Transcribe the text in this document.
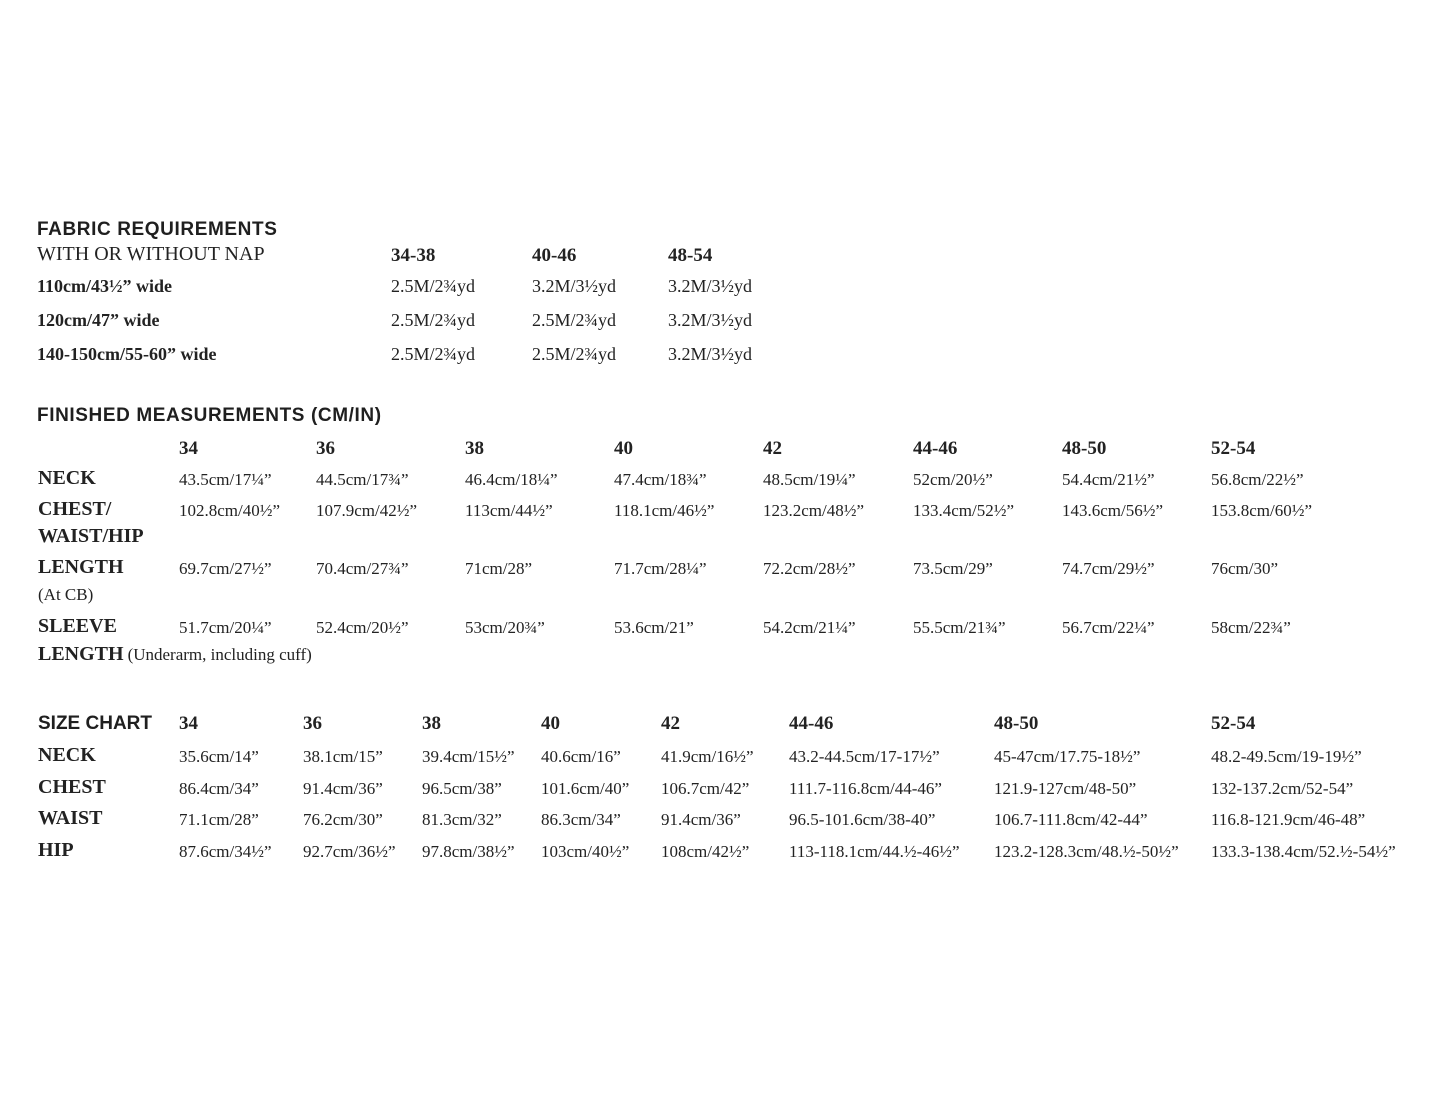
FABRIC REQUIREMENTS
WITH OR WITHOUT NAP	34-38	40-46	48-54
110cm/43½” wide	2.5M/2¾yd	3.2M/3½yd	3.2M/3½yd
120cm/47” wide	2.5M/2¾yd	2.5M/2¾yd	3.2M/3½yd
140-150cm/55-60” wide	2.5M/2¾yd	2.5M/2¾yd	3.2M/3½yd
FINISHED MEASUREMENTS (CM/IN)
34	36	38	40	42	44-46	48-50	52-54
NECK	43.5cm/17¼”	44.5cm/17¾”	46.4cm/18¼”	47.4cm/18¾”	48.5cm/19¼”	52cm/20½”	54.4cm/21½”	56.8cm/22½”
CHEST/
WAIST/HIP
102.8cm/40½” 107.9cm/42½”	113cm/44½”	118.1cm/46½”	123.2cm/48½”	133.4cm/52½”	143.6cm/56½”	153.8cm/60½”
LENGTH
(At CB)
69.7cm/27½”	70.4cm/27¾”	71cm/28”	71.7cm/28¼”	72.2cm/28½”	73.5cm/29”	74.7cm/29½”	76cm/30”
SLEEVE
LENGTH (Underarm, including cuff)
51.7cm/20¼”	52.4cm/20½”	53cm/20¾”	53.6cm/21”	54.2cm/21¼”	55.5cm/21¾”	56.7cm/22¼”	58cm/22¾”
SIZE CHART 34	36	38	40	42	44-46	48-50	52-54
NECK	35.6cm/14”	38.1cm/15” 39.4cm/15½” 40.6cm/16” 41.9cm/16½” 43.2-44.5cm/17-17½”	45-47cm/17.75-18½”	48.2-49.5cm/19-19½”
CHEST	86.4cm/34”	91.4cm/36” 96.5cm/38” 101.6cm/40” 106.7cm/42” 111.7-116.8cm/44-46”	121.9-127cm/48-50”	132-137.2cm/52-54”
WAIST	71.1cm/28”	76.2cm/30” 81.3cm/32” 86.3cm/34” 91.4cm/36”	96.5-101.6cm/38-40”	106.7-111.8cm/42-44”	116.8-121.9cm/46-48”
HIP	87.6cm/34½” 92.7cm/36½” 97.8cm/38½” 103cm/40½” 108cm/42½” 113-118.1cm/44.½-46½” 123.2-128.3cm/48.½-50½” 133.3-138.4cm/52.½-54½”
